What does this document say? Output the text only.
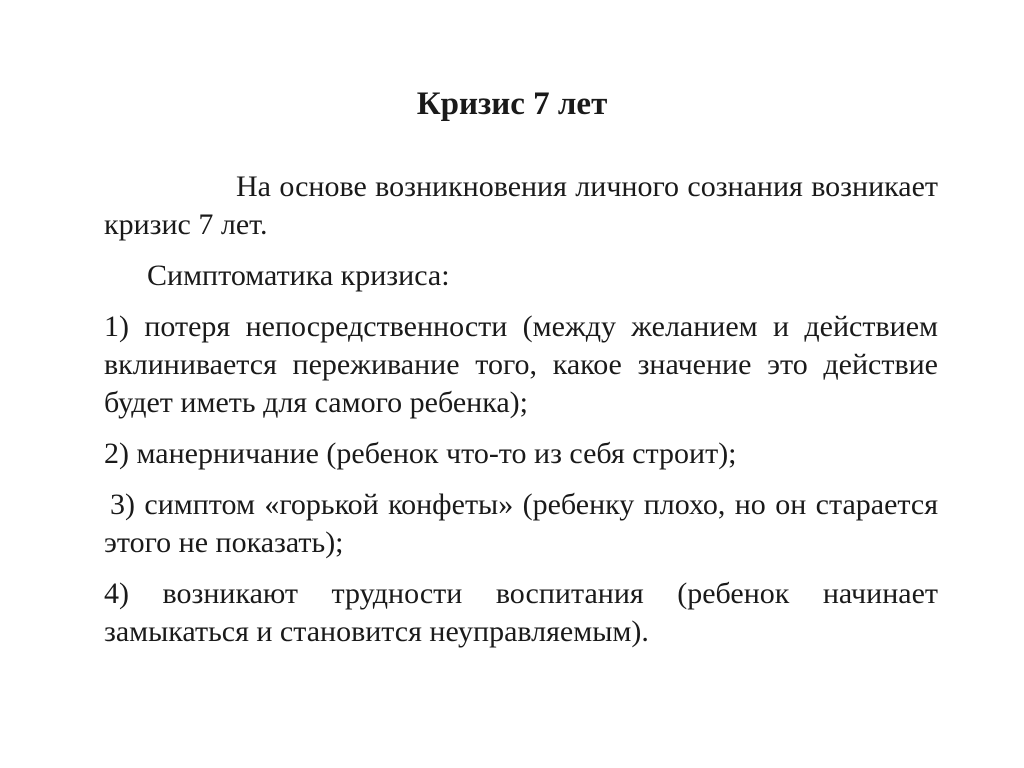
Кризис 7 лет

На основе возникновения личного сознания возникает кризис 7 лет.

Симптоматика кризиса:

1) потеря непосредственности (между желанием и действием вклинивается переживание того, какое значение это действие будет иметь для самого ребенка);

2) манерничание (ребенок что-то из себя строит);

3) симптом «горькой конфеты» (ребенку плохо, но он старается этого не показать);

4) возникают трудности воспитания (ребенок начинает замыкаться и становится неуправляемым).
